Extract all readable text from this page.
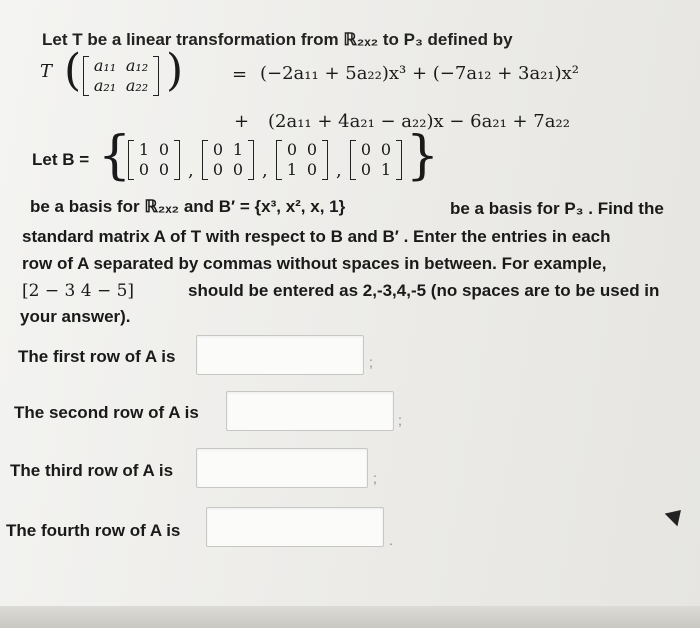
Let T be a linear transformation from ℝ₂ₓ₂ to P₃ defined by
T ( a₁₁ a₁₂
a₂₁ a₂₂ )	= (−2a₁₁ + 5a₂₂)x³ + (−7a₁₂ + 3a₂₁)x²
+ (2a₁₁ + 4a₂₁ − a₂₂)x − 6a₂₁ + 7a₂₂
Let B = { 1 0
0 0 ,
0 1
0 0 ,
0 0
1 0 ,
0 0
0 1 }
be a basis for ℝ₂ₓ₂ and B′ = {x³, x², x, 1}	be a basis for P₃ . Find the
standard matrix A of T with respect to B and B′ . Enter the entries in each
row of A separated by commas without spaces in between. For example,
[2 − 3 4 − 5]	should be entered as 2,-3,4,-5 (no spaces are to be used in
your answer).
The first row of A is	;
The second row of A is	;
The third row of A is	;
The fourth row of A is	.
